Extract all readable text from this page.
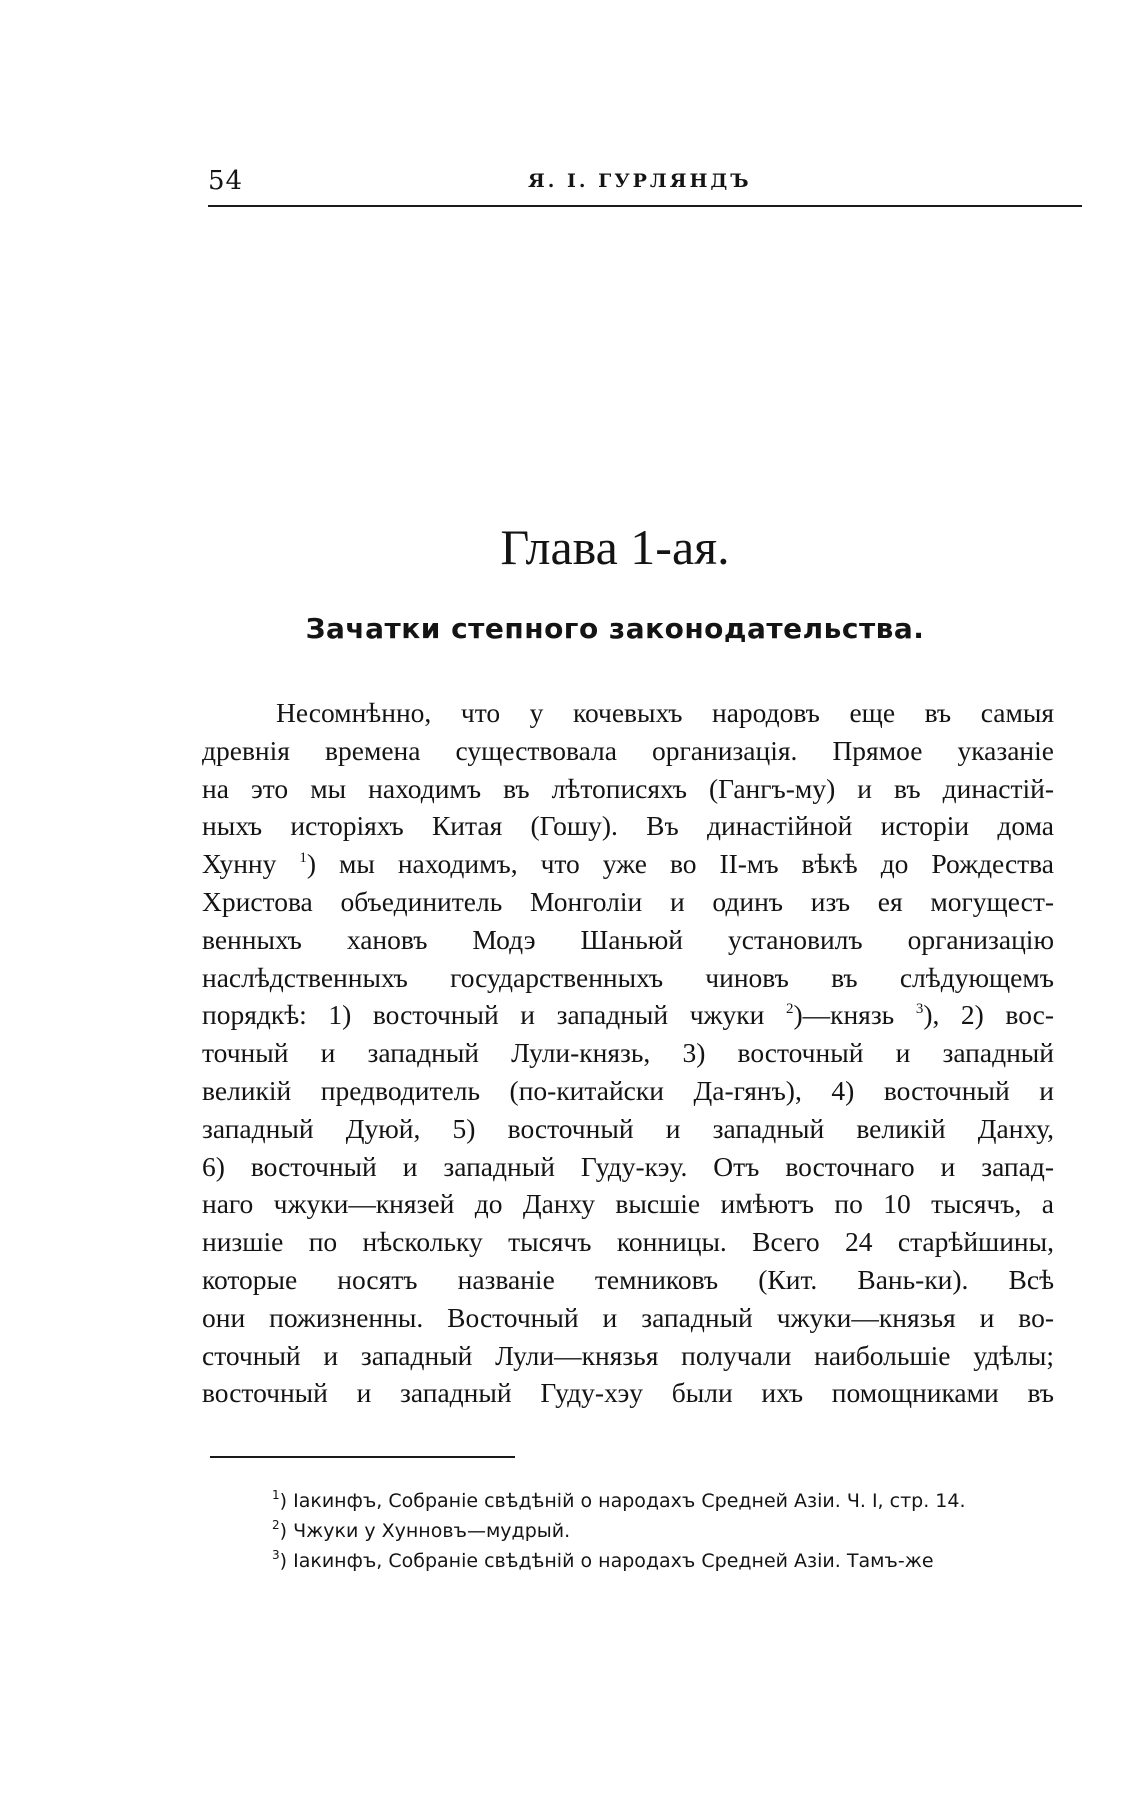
54	Я. I. ГУРЛЯНДЪ
Глава 1-ая.
Зачатки степного законодательства.
Несомнѣнно, что у кочевыхъ народовъ еще въ самыя
древнія времена существовала организація. Прямое указаніе
на это мы находимъ въ лѣтописяхъ (Гангъ-му) и въ династій-
ныхъ исторіяхъ Китая (Гошу). Въ династійной исторіи дома
Хунну $^1$) мы находимъ, что уже во II-мъ вѣкѣ до Рождества
Христова объединитель Монголіи и одинъ изъ ея могущест-
венныхъ хановъ Модэ Шаньюй установилъ организацію
наслѣдственныхъ государственныхъ чиновъ въ слѣдующемъ
порядкѣ: 1) восточный и западный чжуки $^2$)—князь $^3$), 2) вос-
точный и западный Лули-князь, 3) восточный и западный
великій предводитель (по-китайски Да-гянъ), 4) восточный и
западный Дуюй, 5) восточный и западный великій Данху,
6) восточный и западный Гуду-кэу. Отъ восточнаго и запад-
наго чжуки—князей до Данху высшіе имѣютъ по 10 тысячъ, а
низшіе по нѣскольку тысячъ конницы. Всего 24 старѣйшины,
которые носятъ названіе темниковъ (Кит. Вань-ки). Всѣ
они пожизненны. Восточный и западный чжуки—князья и во-
сточный и западный Лули—князья получали наибольшіе удѣлы;
восточный и западный Гуду-хэу были ихъ помощниками въ
$^1$) Іакинфъ, Собраніе свѣдѣній о народахъ Средней Азіи. Ч. I, стр. 14.
$^2$) Чжуки у Хунновъ—мудрый.
$^3$) Іакинфъ, Собраніе свѣдѣній о народахъ Средней Азіи. Тамъ-же
